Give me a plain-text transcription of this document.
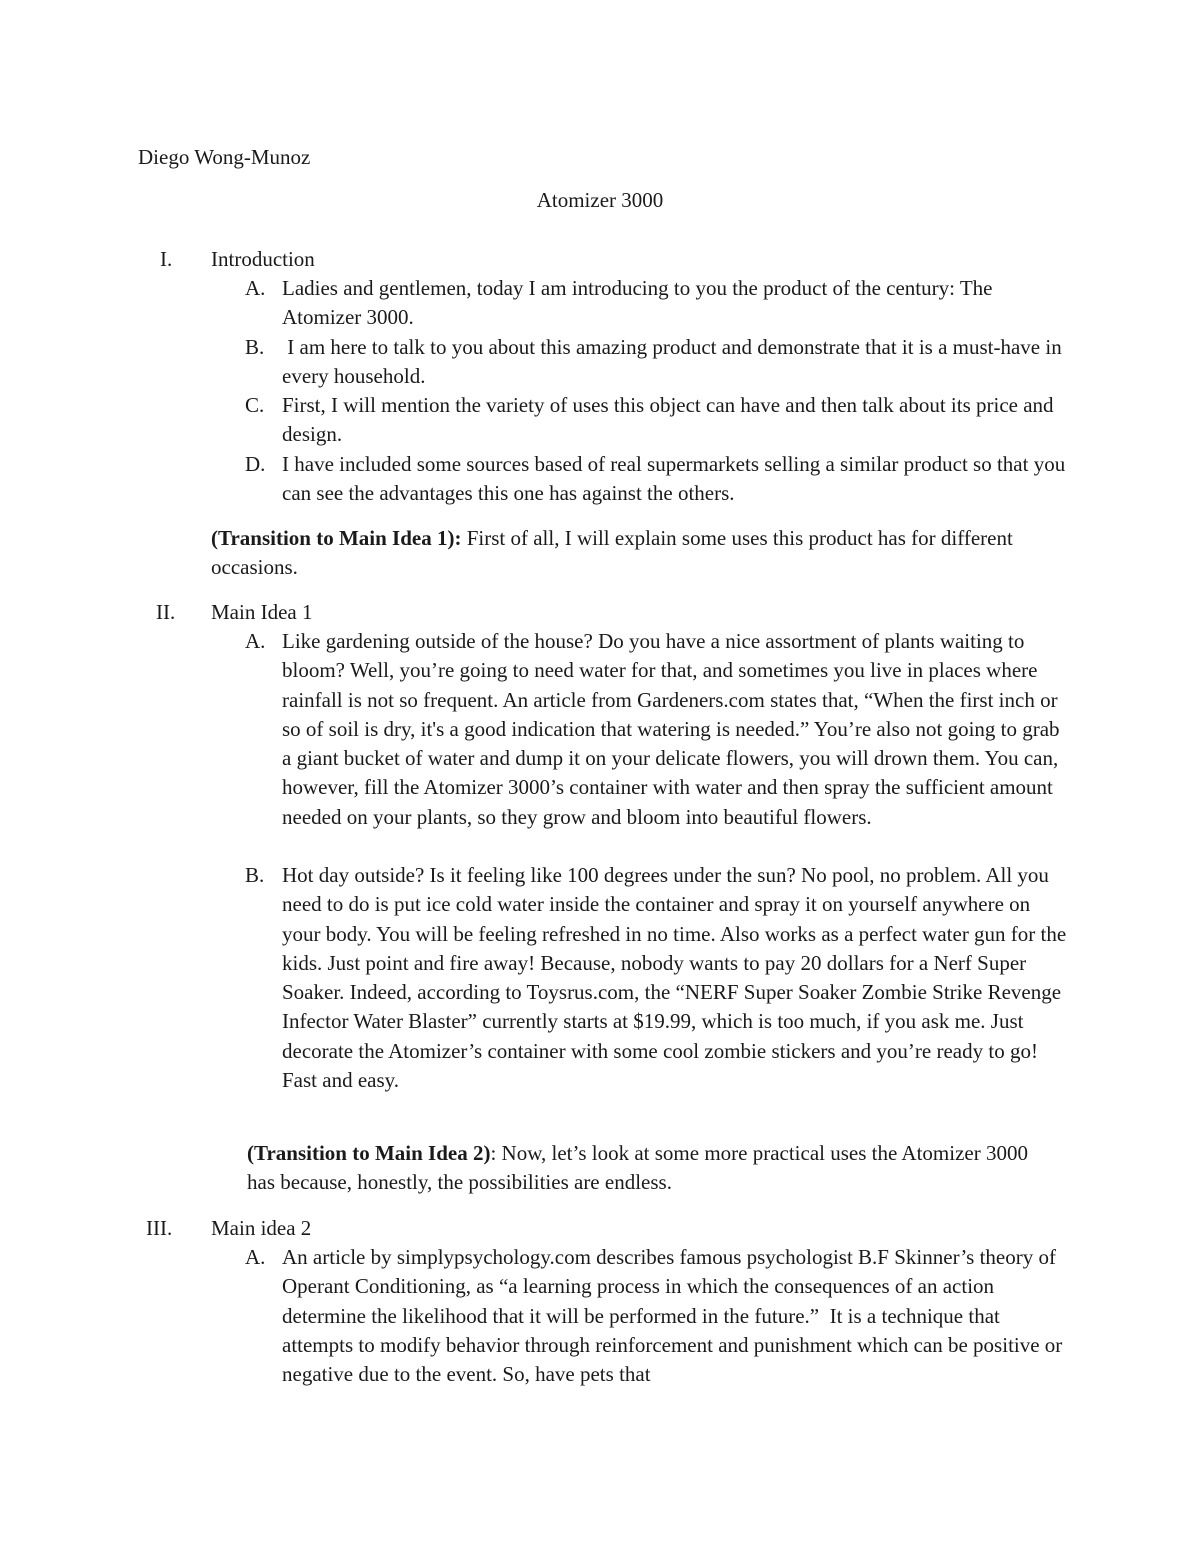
Diego Wong-Munoz
Atomizer 3000
I. Introduction
A. Ladies and gentlemen, today I am introducing to you the product of the century: The Atomizer 3000.
B. I am here to talk to you about this amazing product and demonstrate that it is a must-have in every household.
C. First, I will mention the variety of uses this object can have and then talk about its price and design.
D. I have included some sources based of real supermarkets selling a similar product so that you can see the advantages this one has against the others.
(Transition to Main Idea 1): First of all, I will explain some uses this product has for different occasions.
II. Main Idea 1
A. Like gardening outside of the house? Do you have a nice assortment of plants waiting to bloom? Well, you’re going to need water for that, and sometimes you live in places where rainfall is not so frequent. An article from Gardeners.com states that, “When the first inch or so of soil is dry, it's a good indication that watering is needed.” You’re also not going to grab a giant bucket of water and dump it on your delicate flowers, you will drown them. You can, however, fill the Atomizer 3000’s container with water and then spray the sufficient amount needed on your plants, so they grow and bloom into beautiful flowers.
B. Hot day outside? Is it feeling like 100 degrees under the sun? No pool, no problem. All you need to do is put ice cold water inside the container and spray it on yourself anywhere on your body. You will be feeling refreshed in no time. Also works as a perfect water gun for the kids. Just point and fire away! Because, nobody wants to pay 20 dollars for a Nerf Super Soaker. Indeed, according to Toysrus.com, the “NERF Super Soaker Zombie Strike Revenge Infector Water Blaster” currently starts at $19.99, which is too much, if you ask me. Just decorate the Atomizer’s container with some cool zombie stickers and you’re ready to go! Fast and easy.
(Transition to Main Idea 2): Now, let’s look at some more practical uses the Atomizer 3000 has because, honestly, the possibilities are endless.
III. Main idea 2
A. An article by simplypsychology.com describes famous psychologist B.F Skinner’s theory of Operant Conditioning, as “a learning process in which the consequences of an action determine the likelihood that it will be performed in the future.”  It is a technique that attempts to modify behavior through reinforcement and punishment which can be positive or negative due to the event. So, have pets that
